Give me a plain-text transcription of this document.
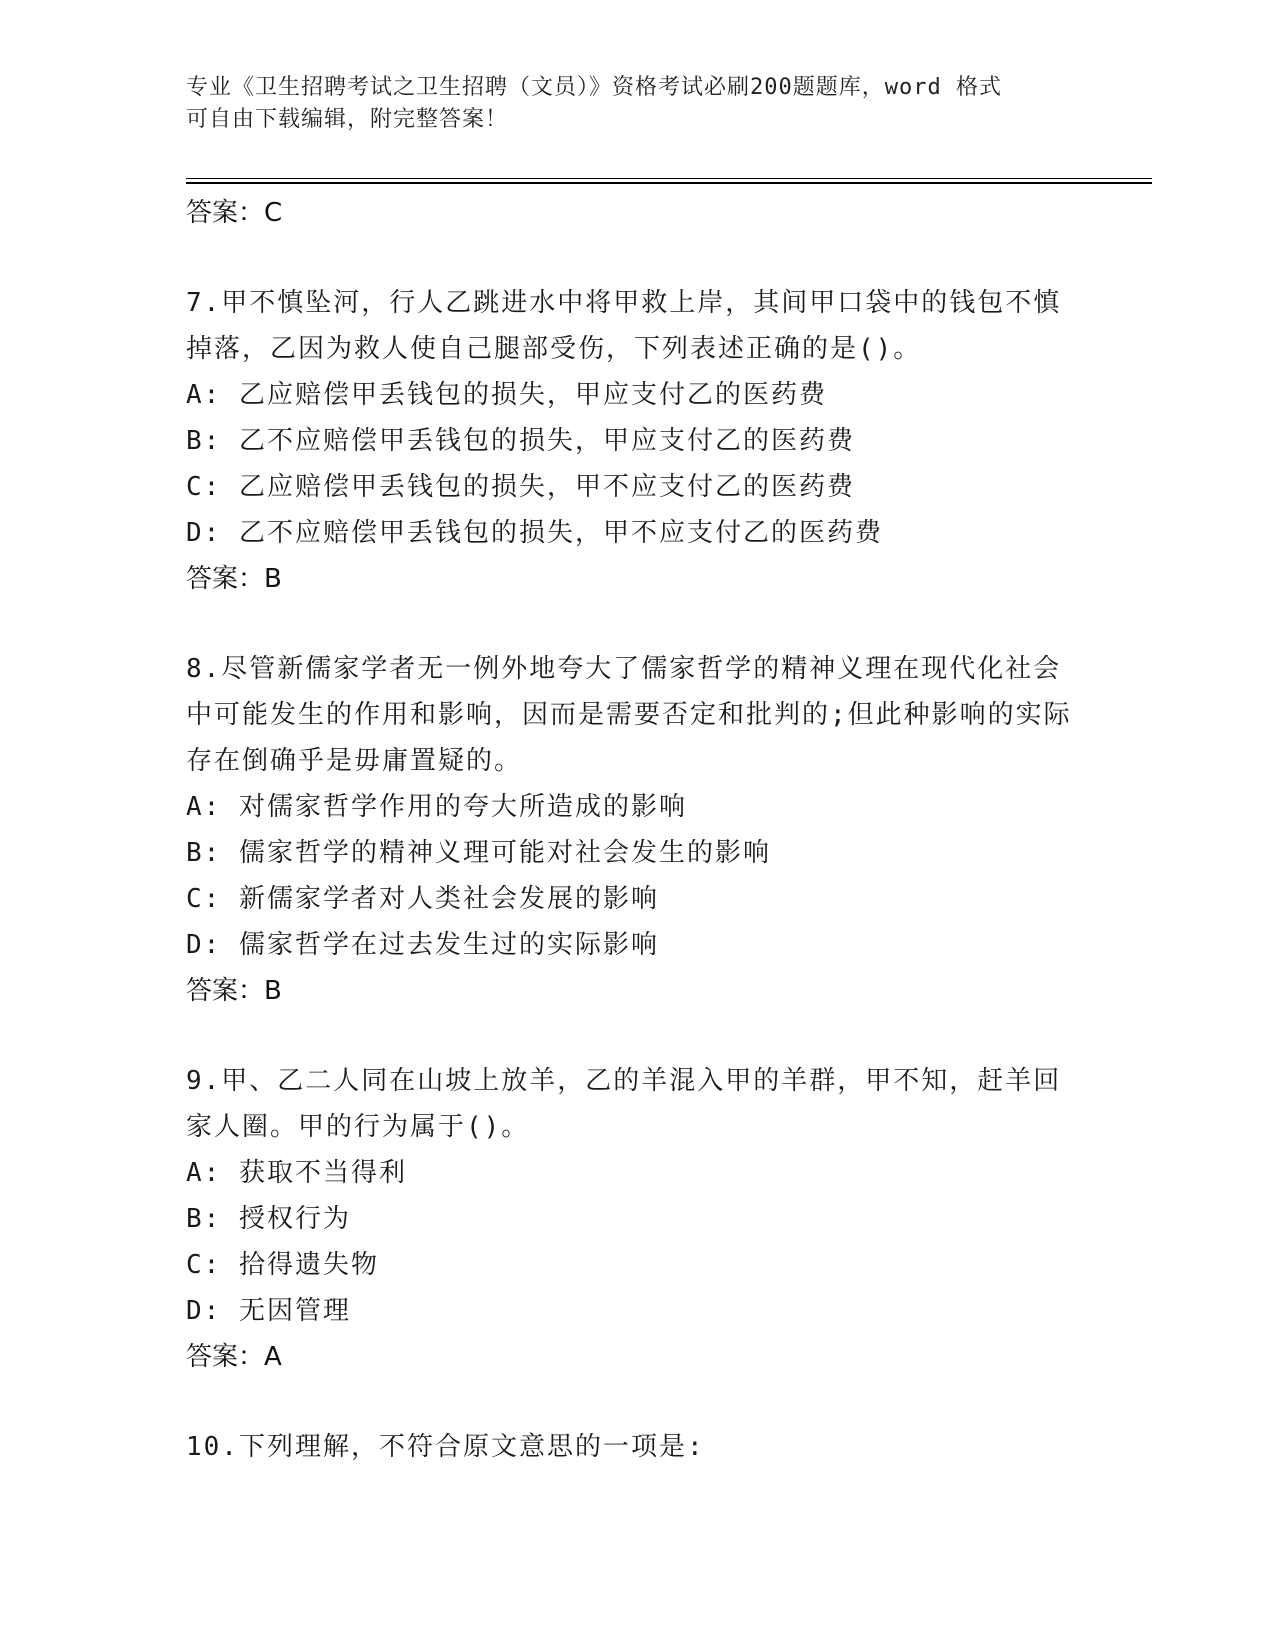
专业《卫生招聘考试之卫生招聘（文员）》资格考试必刷200题题库，word 格式
可自由下载编辑，附完整答案！

答案：C

7.甲不慎坠河，行人乙跳进水中将甲救上岸，其间甲口袋中的钱包不慎掉落，乙因为救人使自己腿部受伤，下列表述正确的是()。

A: 乙应赔偿甲丢钱包的损失，甲应支付乙的医药费

B: 乙不应赔偿甲丢钱包的损失，甲应支付乙的医药费

C: 乙应赔偿甲丢钱包的损失，甲不应支付乙的医药费

D: 乙不应赔偿甲丢钱包的损失，甲不应支付乙的医药费

答案：B

8.尽管新儒家学者无一例外地夸大了儒家哲学的精神义理在现代化社会中可能发生的作用和影响，因而是需要否定和批判的;但此种影响的实际存在倒确乎是毋庸置疑的。

A: 对儒家哲学作用的夸大所造成的影响

B: 儒家哲学的精神义理可能对社会发生的影响

C: 新儒家学者对人类社会发展的影响

D: 儒家哲学在过去发生过的实际影响

答案：B

9.甲、乙二人同在山坡上放羊，乙的羊混入甲的羊群，甲不知，赶羊回家人圈。甲的行为属于()。

A: 获取不当得利

B: 授权行为

C: 拾得遗失物

D: 无因管理

答案：A

10.下列理解，不符合原文意思的一项是:
